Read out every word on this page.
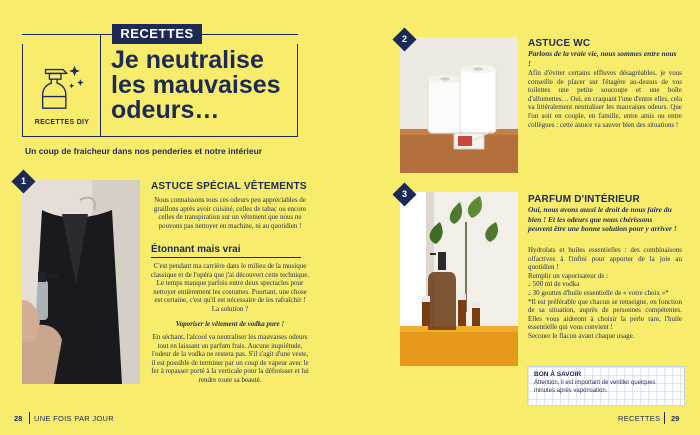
RECETTES
RECETTES DIY
Je neutralise les mauvaises odeurs…
Un coup de fraicheur dans nos penderies et notre intérieur
1	ASTUCE SPÉCIAL VÊTEMENTS
Nous connaissons tous ces odeurs peu appréciables de graillons après avoir cuisiné, celles de tabac ou encore celles de transpiration sur un vêtement que nous ne pouvons pas nettoyer en machine, ni au quotidien !
Étonnant mais vrai
C'est pendant ma carrière dans le milieu de la musique classique et de l'opéra que j'ai découvert cette technique. Le temps manque parfois entre deux spectacles pour nettoyer entièrement les costumes. Pourtant, une chose est certaine, c'est qu'il est nécessaire de les rafraîchir ! La solution ?
Vaporiser le vêtement de vodka pure !
En séchant, l'alcool va neutraliser les mauvaises odeurs tout en laissant un parfum frais. Aucune inquiétude, l'odeur de la vodka ne restera pas. S'il s'agit d'une veste, il est possible de terminer par un coup de vapeur avec le fer à repasser porté à la verticale pour la défroisser et lui rendre toute sa beauté.
2	ASTUCE WC
Parlons de la vraie vie, nous sommes entre nous !
Afin d'éviter certains effluves désagréables, je vous conseille de placer sur l'étagère au-dessus de vos toilettes une petite soucoupe et une boîte d'allumettes… Oui, en craquant l'une d'entre elles, cela va littéralement neutraliser les mauvaises odeurs. Que l'on soit en couple, en famille, entre amis ou entre collègues : cette astuce va sauver bien des situations !
3	PARFUM D'INTÉRIEUR
Oui, nous avons aussi le droit de nous faire du bien ! Et les odeurs que nous chérissons peuvent être une bonne solution pour y arriver !
Hydrolats et huiles essentielles : des combinaisons olfactives à l'infini pour apporter de la joie au quotidien !
Remplir un vaporisateur de :
💧︎ 500 ml de vodka
💧︎ 30 gouttes d'huile essentielle de « votre choix »*
*Il est préférable que chacun se renseigne, en fonction de sa situation, auprès de personnes compétentes. Elles vous aideront à choisir la perle rare, l'huile essentielle qui vous convient !
Secouer le flacon avant chaque usage.
BON À SAVOIR
Attention, il est important de ventiler quelques minutes après vaporisation.
28 UNE FOIS PAR JOUR	RECETTES 29
